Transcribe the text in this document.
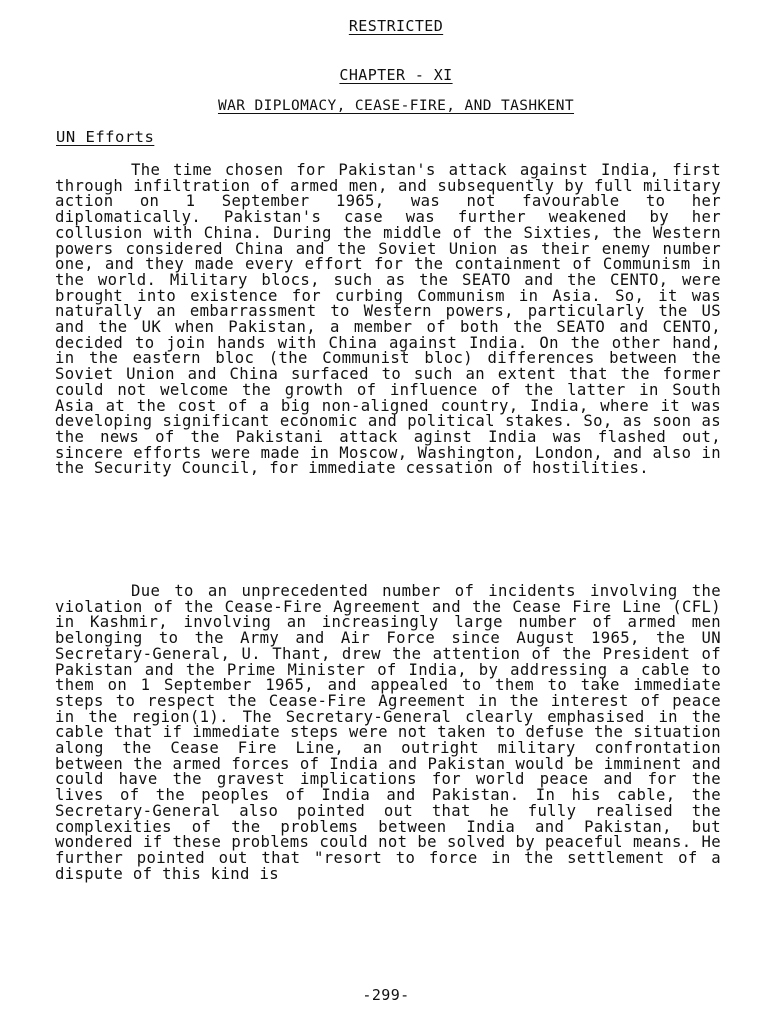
RESTRICTED
CHAPTER - XI
WAR DIPLOMACY, CEASE-FIRE, AND TASHKENT
UN Efforts

The time chosen for Pakistan's attack against India, first through infiltration of armed men, and subsequently by full military action on 1 September 1965, was not favourable to her diplomatically. Pakistan's case was further weakened by her collusion with China. During the middle of the Sixties, the Western powers considered China and the Soviet Union as their enemy number one, and they made every effort for the containment of Communism in the world. Military blocs, such as the SEATO and the CENTO, were brought into existence for curbing Communism in Asia. So, it was naturally an embarrassment to Western powers, particularly the US and the UK when Pakistan, a member of both the SEATO and CENTO, decided to join hands with China against India. On the other hand, in the eastern bloc (the Communist bloc) differences between the Soviet Union and China surfaced to such an extent that the former could not welcome the growth of influence of the latter in South Asia at the cost of a big non-aligned country, India, where it was developing significant economic and political stakes. So, as soon as the news of the Pakistani attack aginst India was flashed out, sincere efforts were made in Moscow, Washington, London, and also in the Security Council, for immediate cessation of hostilities.

Due to an unprecedented number of incidents involving the violation of the Cease-Fire Agreement and the Cease Fire Line (CFL) in Kashmir, involving an increasingly large number of armed men belonging to the Army and Air Force since August 1965, the UN Secretary-General, U. Thant, drew the attention of the President of Pakistan and the Prime Minister of India, by addressing a cable to them on 1 September 1965, and appealed to them to take immediate steps to respect the Cease-Fire Agreement in the interest of peace in the region(1). The Secretary-General clearly emphasised in the cable that if immediate steps were not taken to defuse the situation along the Cease Fire Line, an outright military confrontation between the armed forces of India and Pakistan would be imminent and could have the gravest implications for world peace and for the lives of the peoples of India and Pakistan. In his cable, the Secretary-General also pointed out that he fully realised the complexities of the problems between India and Pakistan, but wondered if these problems could not be solved by peaceful means. He further pointed out that "resort to force in the settlement of a dispute of this kind is

-299-
